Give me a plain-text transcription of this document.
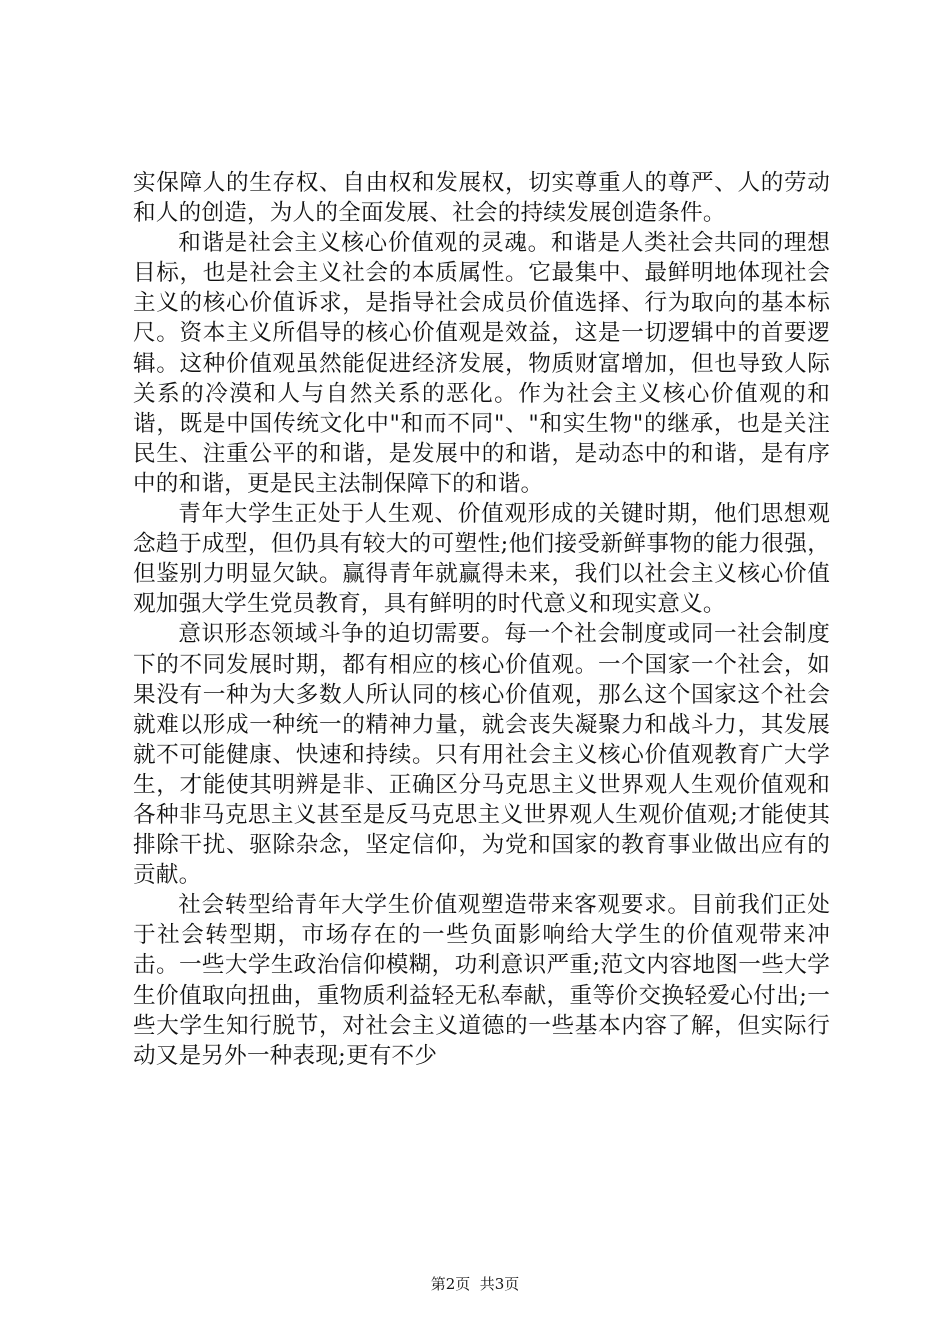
实保障人的生存权、自由权和发展权，切实尊重人的尊严、人的劳动和人的创造，为人的全面发展、社会的持续发展创造条件。

和谐是社会主义核心价值观的灵魂。和谐是人类社会共同的理想目标，也是社会主义社会的本质属性。它最集中、最鲜明地体现社会主义的核心价值诉求，是指导社会成员价值选择、行为取向的基本标尺。资本主义所倡导的核心价值观是效益，这是一切逻辑中的首要逻辑。这种价值观虽然能促进经济发展，物质财富增加，但也导致人际关系的冷漠和人与自然关系的恶化。作为社会主义核心价值观的和谐，既是中国传统文化中"和而不同"、"和实生物"的继承，也是关注民生、注重公平的和谐，是发展中的和谐，是动态中的和谐，是有序中的和谐，更是民主法制保障下的和谐。

青年大学生正处于人生观、价值观形成的关键时期，他们思想观念趋于成型，但仍具有较大的可塑性;他们接受新鲜事物的能力很强，但鉴别力明显欠缺。赢得青年就赢得未来，我们以社会主义核心价值观加强大学生党员教育，具有鲜明的时代意义和现实意义。

意识形态领域斗争的迫切需要。每一个社会制度或同一社会制度下的不同发展时期，都有相应的核心价值观。一个国家一个社会，如果没有一种为大多数人所认同的核心价值观，那么这个国家这个社会就难以形成一种统一的精神力量，就会丧失凝聚力和战斗力，其发展就不可能健康、快速和持续。只有用社会主义核心价值观教育广大学生，才能使其明辨是非、正确区分马克思主义世界观人生观价值观和各种非马克思主义甚至是反马克思主义世界观人生观价值观;才能使其排除干扰、驱除杂念，坚定信仰，为党和国家的教育事业做出应有的贡献。

社会转型给青年大学生价值观塑造带来客观要求。目前我们正处于社会转型期，市场存在的一些负面影响给大学生的价值观带来冲击。一些大学生政治信仰模糊，功利意识严重;范文内容地图一些大学生价值取向扭曲，重物质利益轻无私奉献，重等价交换轻爱心付出;一些大学生知行脱节，对社会主义道德的一些基本内容了解，但实际行动又是另外一种表现;更有不少

第2页  共3页
